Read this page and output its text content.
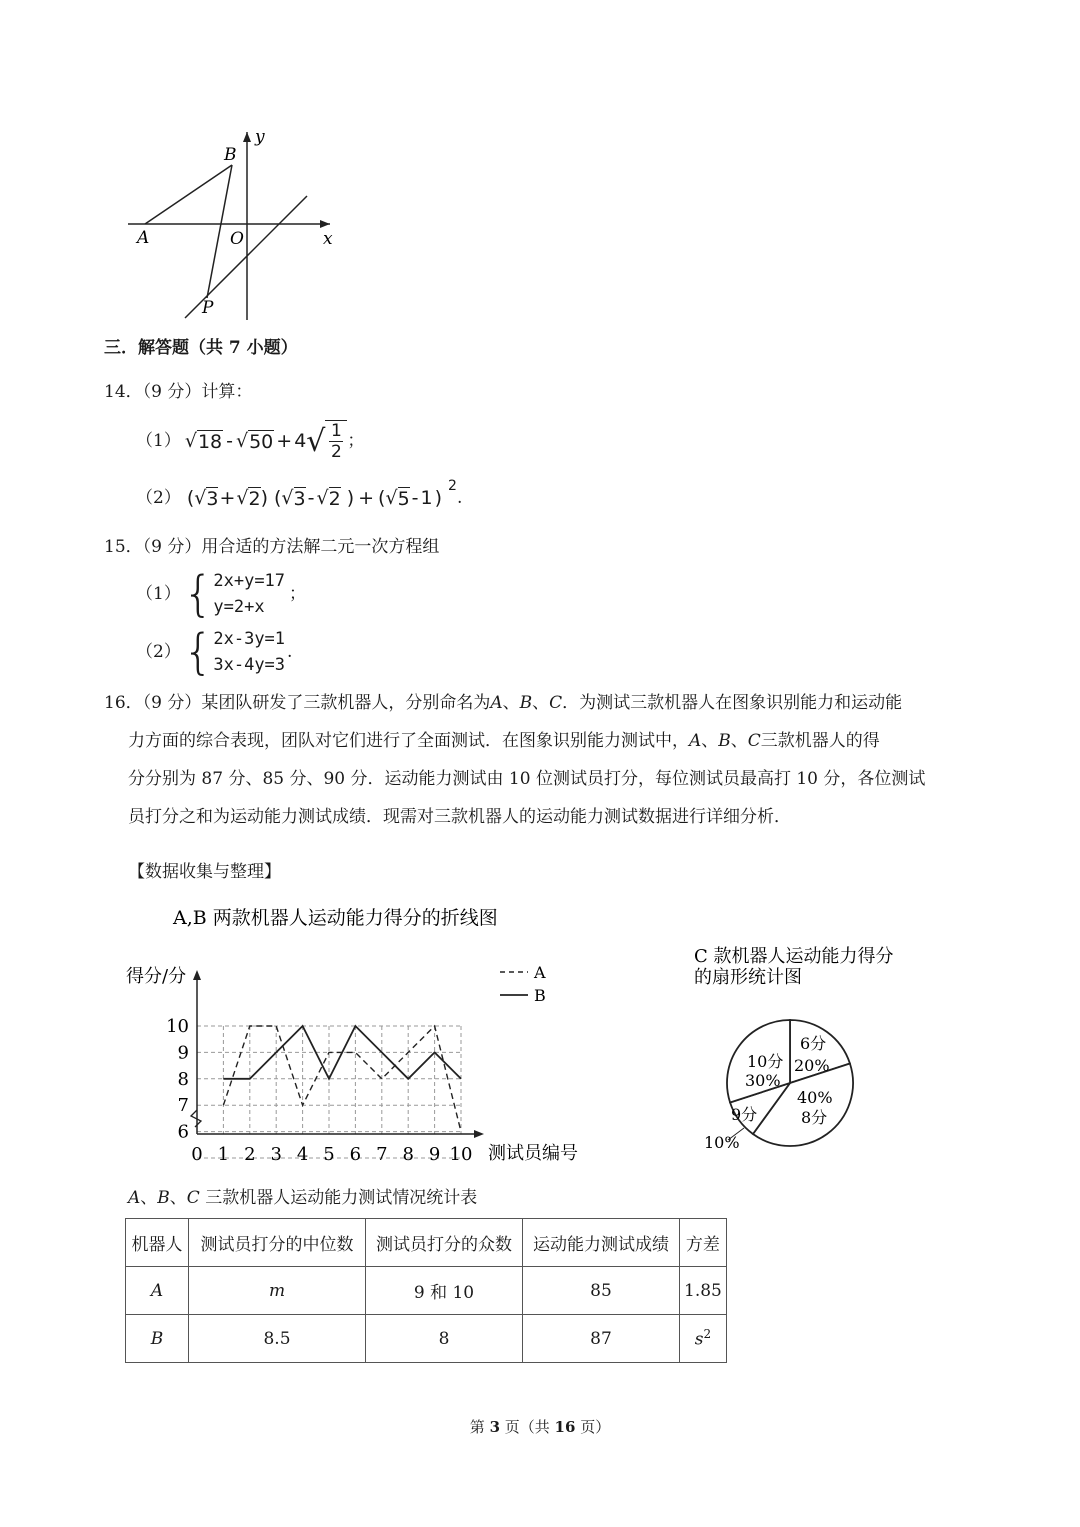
y
B
A	O	x
P
三．解答题（共 7 小题）
14．（9 分）计算：
（1） √ 18 - √ 50 + 4 √ 1
2
；
（2） ( √ 3 + √ 2 ) ( √ 3 - √ 2 ) + ( √ 5 - 1 )
2
.
15．（9 分）用合适的方法解二元一次方程组
（1） { 2x+y=17
y=2+x
；
（2） { 2x-3y=1
3x-4y=3
.
16．（9 分）某团队研发了三款机器人，分别命名为A、B、C．为测试三款机器人在图象识别能力和运动能
力方面的综合表现，团队对它们进行了全面测试．在图象识别能力测试中，A、B、C三款机器人的得
分分别为 87 分、85 分、90 分．运动能力测试由 10 位测试员打分，每位测试员最高打 10 分，各位测试
员打分之和为运动能力测试成绩．现需对三款机器人的运动能力测试数据进行详细分析．
【数据收集与整理】
A,B 两款机器人运动能力得分的折线图
得分/分	A
B
6
7
8
9
10
0 1 2 3 4 5 6 7 8 9 10 测试员编号
C 款机器人运动能力得分
的扇形统计图
6分
20%
40%
8分
9分
10%
10分
30%
A、B、C 三款机器人运动能力测试情况统计表
机器人	测试员打分的中位数	测试员打分的众数	运动能力测试成绩	方差
A	m	9 和 10	85	1.85
B	8.5	8	87	$s^2$
第 3 页（共 16 页）
